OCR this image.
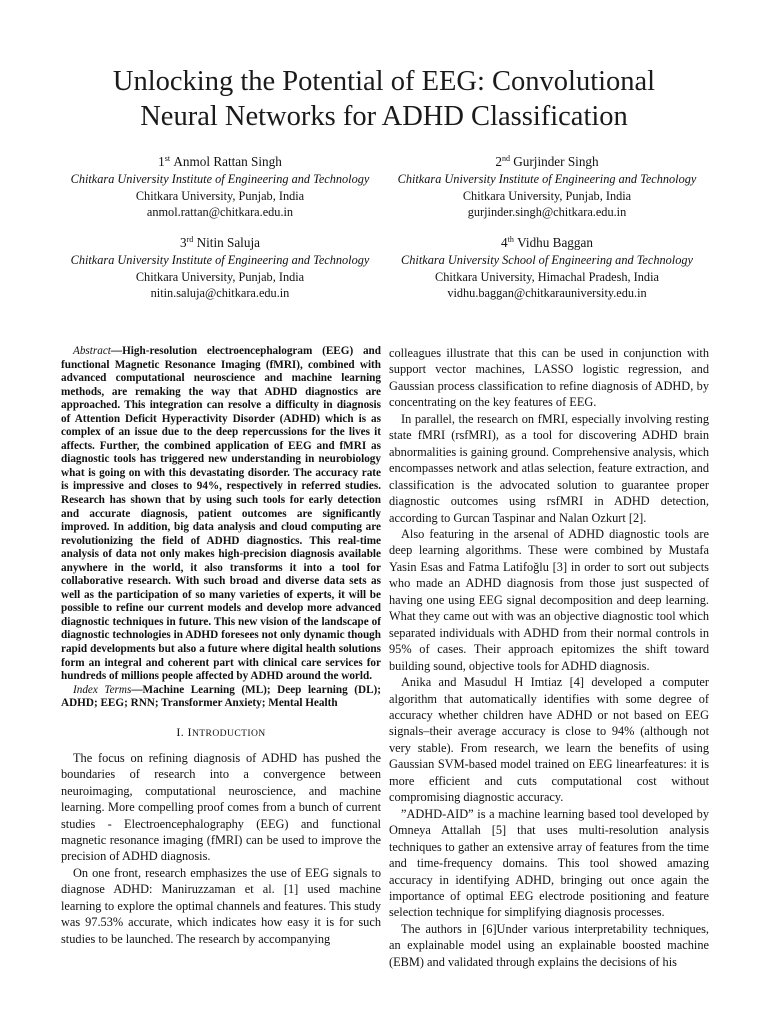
Unlocking the Potential of EEG: Convolutional
Neural Networks for ADHD Classification
1st Anmol Rattan Singh
Chitkara University Institute of Engineering and Technology
Chitkara University, Punjab, India
anmol.rattan@chitkara.edu.in
2nd Gurjinder Singh
Chitkara University Institute of Engineering and Technology
Chitkara University, Punjab, India
gurjinder.singh@chitkara.edu.in
3rd Nitin Saluja
Chitkara University Institute of Engineering and Technology
Chitkara University, Punjab, India
nitin.saluja@chitkara.edu.in
4th Vidhu Baggan
Chitkara University School of Engineering and Technology
Chitkara University, Himachal Pradesh, India
vidhu.baggan@chitkarauniversity.edu.in

Abstract—High-resolution electroencephalogram (EEG) and functional Magnetic Resonance Imaging (fMRI), combined with advanced computational neuroscience and machine learning methods, are remaking the way that ADHD diagnostics are approached. This integration can resolve a difficulty in diagnosis of Attention Deficit Hyperactivity Disorder (ADHD) which is as complex of an issue due to the deep repercussions for the lives it affects. Further, the combined application of EEG and fMRI as diagnostic tools has triggered new understanding in neurobiology what is going on with this devastating disorder. The accuracy rate is impressive and closes to 94%, respectively in referred studies. Research has shown that by using such tools for early detection and accurate diagnosis, patient outcomes are significantly improved. In addition, big data analysis and cloud computing are revolutionizing the field of ADHD diagnostics. This real-time analysis of data not only makes high-precision diagnosis available anywhere in the world, it also transforms it into a tool for collaborative research. With such broad and diverse data sets as well as the participation of so many varieties of experts, it will be possible to refine our current models and develop more advanced diagnostic techniques in future. This new vision of the landscape of diagnostic technologies in ADHD foresees not only dynamic though rapid developments but also a future where digital health solutions form an integral and coherent part with clinical care services for hundreds of millions people affected by ADHD around the world.

Index Terms—Machine Learning (ML); Deep learning (DL); ADHD; EEG; RNN; Transformer Anxiety; Mental Health

I. INTRODUCTION

The focus on refining diagnosis of ADHD has pushed the boundaries of research into a convergence between neuroimaging, computational neuroscience, and machine learning. More compelling proof comes from a bunch of current studies - Electroencephalography (EEG) and functional magnetic resonance imaging (fMRI) can be used to improve the precision of ADHD diagnosis.

On one front, research emphasizes the use of EEG signals to diagnose ADHD: Maniruzzaman et al. [1] used machine learning to explore the optimal channels and features. This study was 97.53% accurate, which indicates how easy it is for such studies to be launched. The research by accompanying

colleagues illustrate that this can be used in conjunction with support vector machines, LASSO logistic regression, and Gaussian process classification to refine diagnosis of ADHD, by concentrating on the key features of EEG.

In parallel, the research on fMRI, especially involving resting state fMRI (rsfMRI), as a tool for discovering ADHD brain abnormalities is gaining ground. Comprehensive analysis, which encompasses network and atlas selection, feature extraction, and classification is the advocated solution to guarantee proper diagnostic outcomes using rsfMRI in ADHD detection, according to Gurcan Taspinar and Nalan Ozkurt [2].

Also featuring in the arsenal of ADHD diagnostic tools are deep learning algorithms. These were combined by Mustafa Yasin Esas and Fatma Latifoğlu [3] in order to sort out subjects who made an ADHD diagnosis from those just suspected of having one using EEG signal decomposition and deep learning. What they came out with was an objective diagnostic tool which separated individuals with ADHD from their normal controls in 95% of cases. Their approach epitomizes the shift toward building sound, objective tools for ADHD diagnosis.

Anika and Masudul H Imtiaz [4] developed a computer algorithm that automatically identifies with some degree of accuracy whether children have ADHD or not based on EEG signals–their average accuracy is close to 94% (although not very stable). From research, we learn the benefits of using Gaussian SVM-based model trained on EEG linearfeatures: it is more efficient and cuts computational cost without compromising diagnostic accuracy.

”ADHD-AID” is a machine learning based tool developed by Omneya Attallah [5] that uses multi-resolution analysis techniques to gather an extensive array of features from the time and time-frequency domains. This tool showed amazing accuracy in identifying ADHD, bringing out once again the importance of optimal EEG electrode positioning and feature selection technique for simplifying diagnosis processes.

The authors in [6]Under various interpretability techniques, an explainable model using an explainable boosted machine (EBM) and validated through explains the decisions of his
